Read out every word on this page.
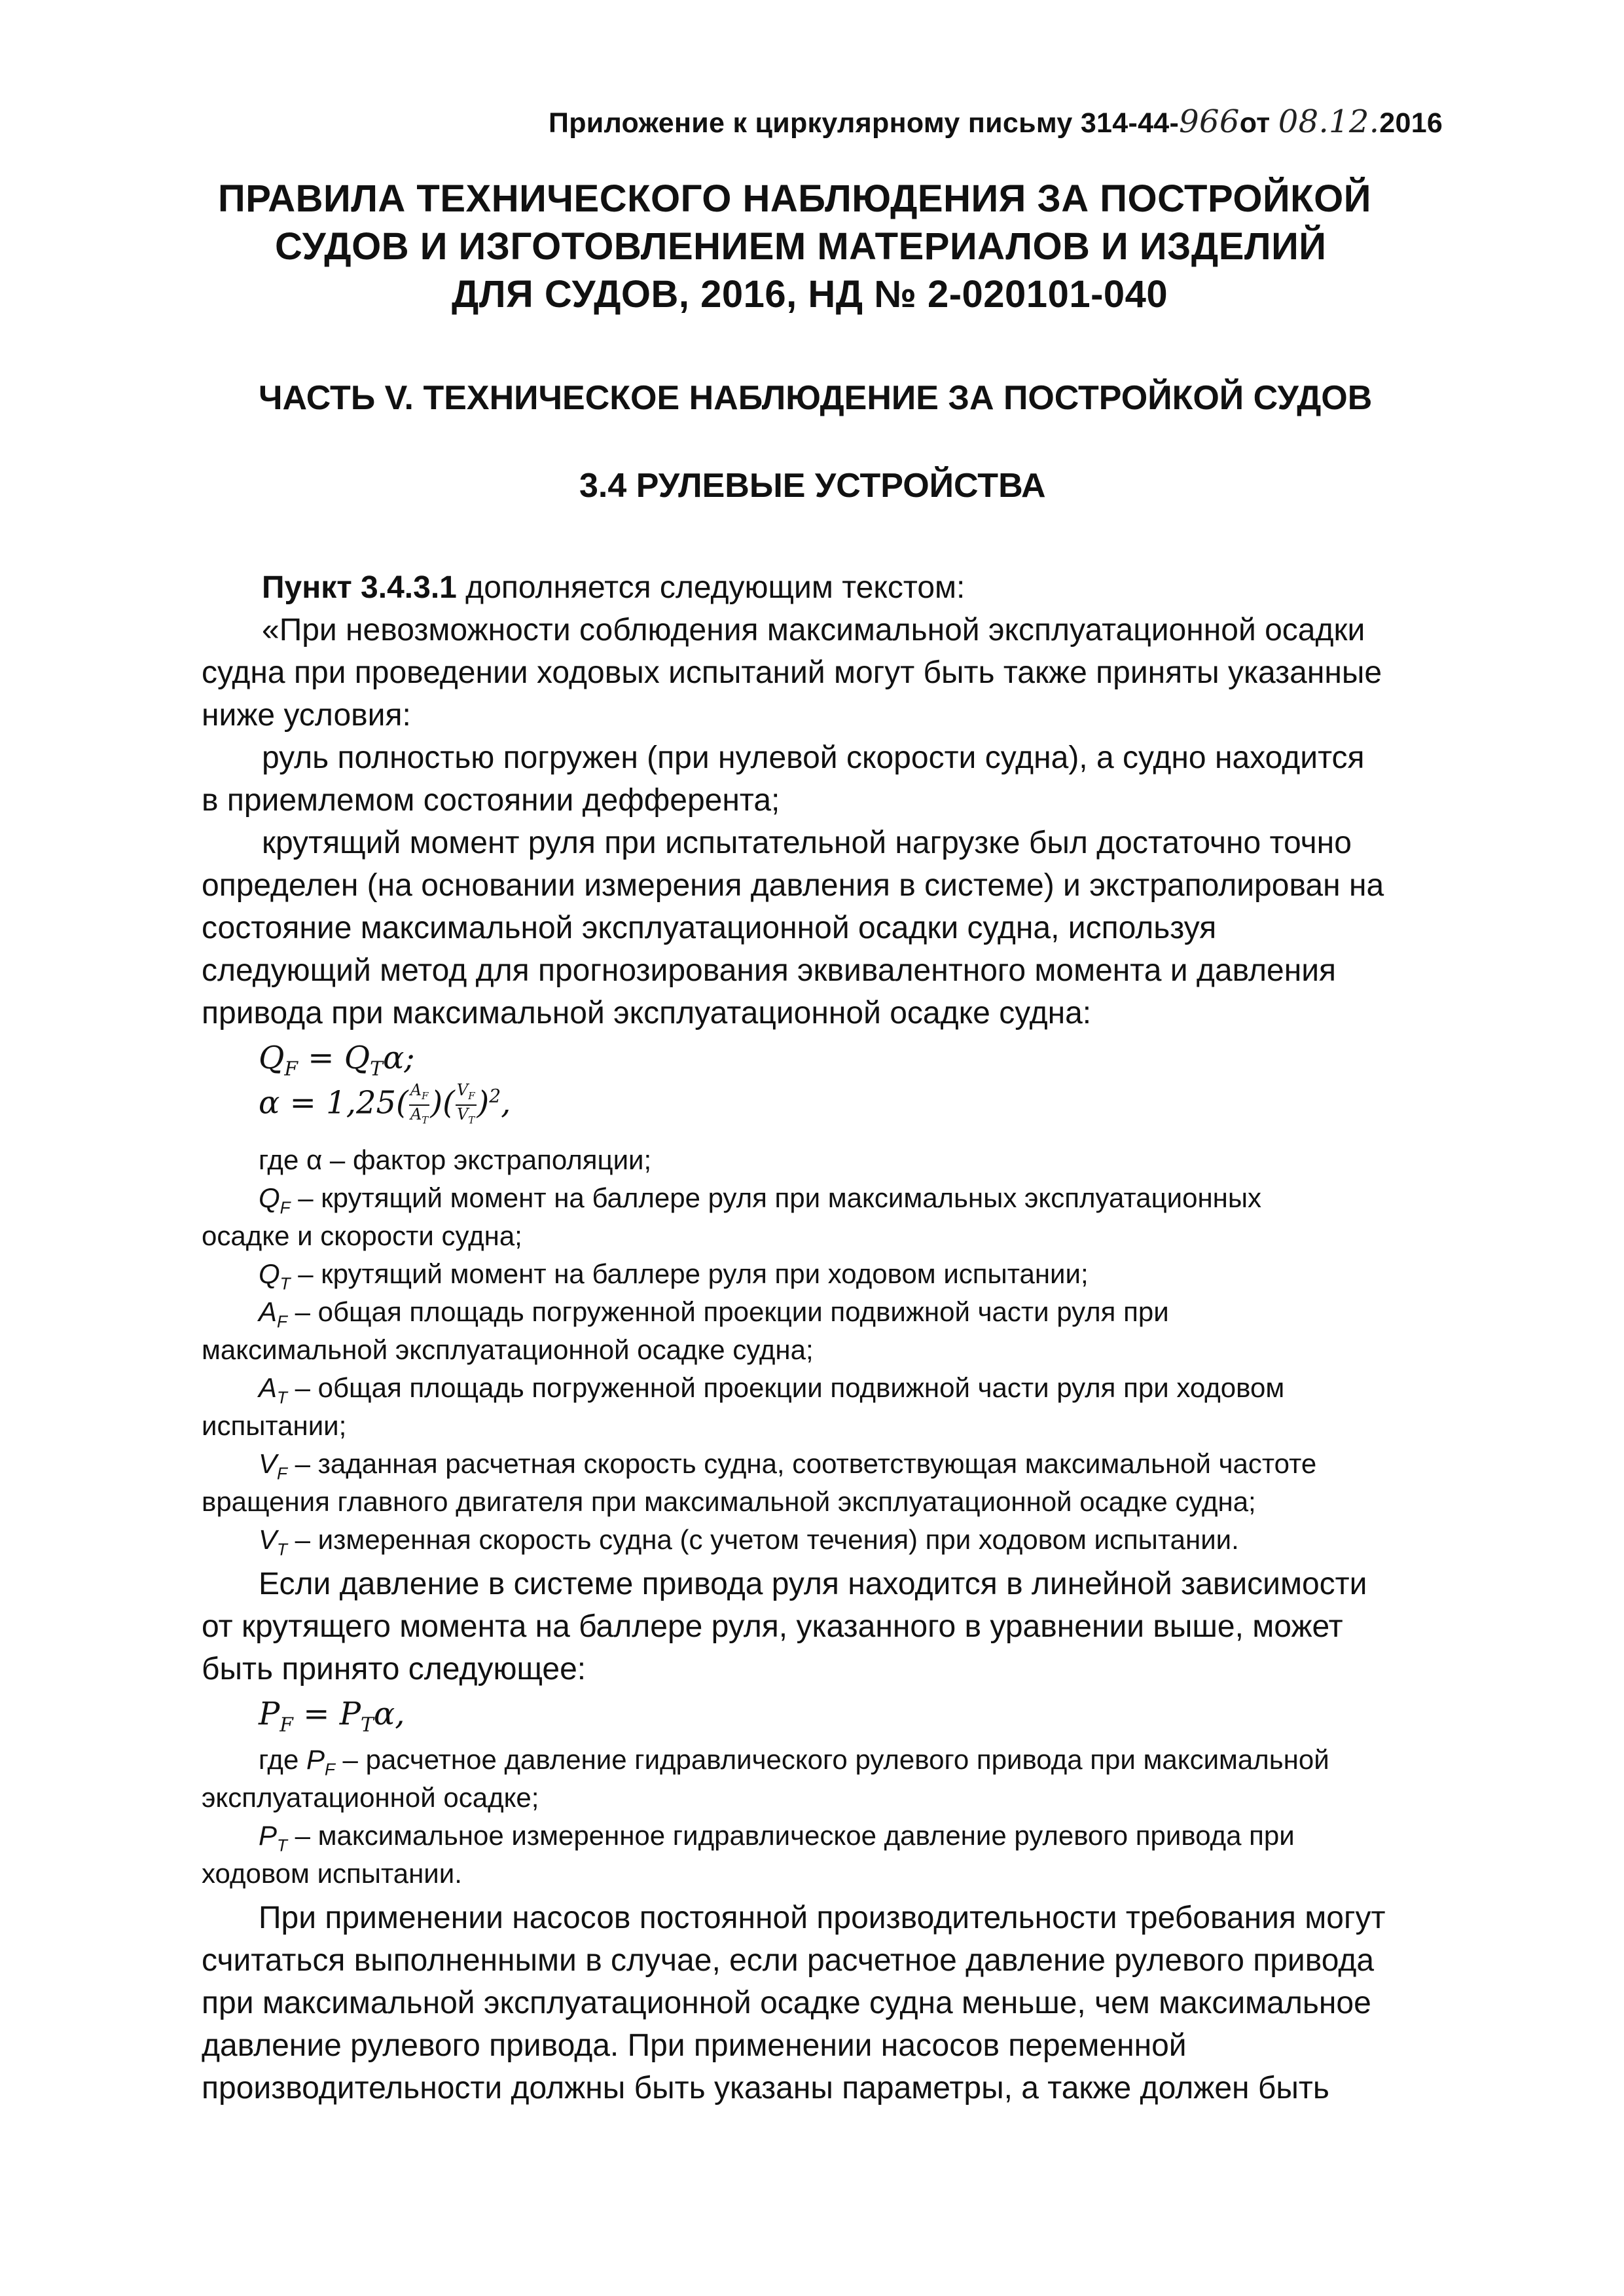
Приложение к циркулярному письму 314-44-966от 08.12.2016
ПРАВИЛА ТЕХНИЧЕСКОГО НАБЛЮДЕНИЯ ЗА ПОСТРОЙКОЙ
СУДОВ И ИЗГОТОВЛЕНИЕМ МАТЕРИАЛОВ И ИЗДЕЛИЙ
ДЛЯ СУДОВ, 2016, НД № 2-020101-040
ЧАСТЬ V. ТЕХНИЧЕСКОЕ НАБЛЮДЕНИЕ ЗА ПОСТРОЙКОЙ СУДОВ
3.4 РУЛЕВЫЕ УСТРОЙСТВА
Пункт 3.4.3.1 дополняется следующим текстом:
«При невозможности соблюдения максимальной эксплуатационной осадки
судна при проведении ходовых испытаний могут быть также приняты указанные
ниже условия:
руль полностью погружен (при нулевой скорости судна), а судно находится
в приемлемом состоянии дефферента;
крутящий момент руля при испытательной нагрузке был достаточно точно
определен (на основании измерения давления в системе) и экстраполирован на
состояние максимальной эксплуатационной осадки судна, используя
следующий метод для прогнозирования эквивалентного момента и давления
привода при максимальной эксплуатационной осадке судна:
$Q_F = Q_T\alpha$;
$\alpha = 1,25( \frac{A_F}{A_T}$ )( $\frac{V_F}{V_T} )^2$,
где α – фактор экстраполяции;
$Q_F$ – крутящий момент на баллере руля при максимальных эксплуатационных
осадке и скорости судна;
$Q_T$ – крутящий момент на баллере руля при ходовом испытании;
$A_F$ – общая площадь погруженной проекции подвижной части руля при
максимальной эксплуатационной осадке судна;
$A_T$ – общая площадь погруженной проекции подвижной части руля при ходовом
испытании;
$V_F$ – заданная расчетная скорость судна, соответствующая максимальной частоте
вращения главного двигателя при максимальной эксплуатационной осадке судна;
$V_T$ – измеренная скорость судна (с учетом течения) при ходовом испытании.
Если давление в системе привода руля находится в линейной зависимости
от крутящего момента на баллере руля, указанного в уравнении выше, может
быть принято следующее:
$P_F = P_T\alpha$,
где $P_F$ – расчетное давление гидравлического рулевого привода при максимальной
эксплуатационной осадке;
$P_T$ – максимальное измеренное гидравлическое давление рулевого привода при
ходовом испытании.
При применении насосов постоянной производительности требования могут
считаться выполненными в случае, если расчетное давление рулевого привода
при максимальной эксплуатационной осадке судна меньше, чем максимальное
давление рулевого привода. При применении насосов переменной
производительности должны быть указаны параметры, а также должен быть
